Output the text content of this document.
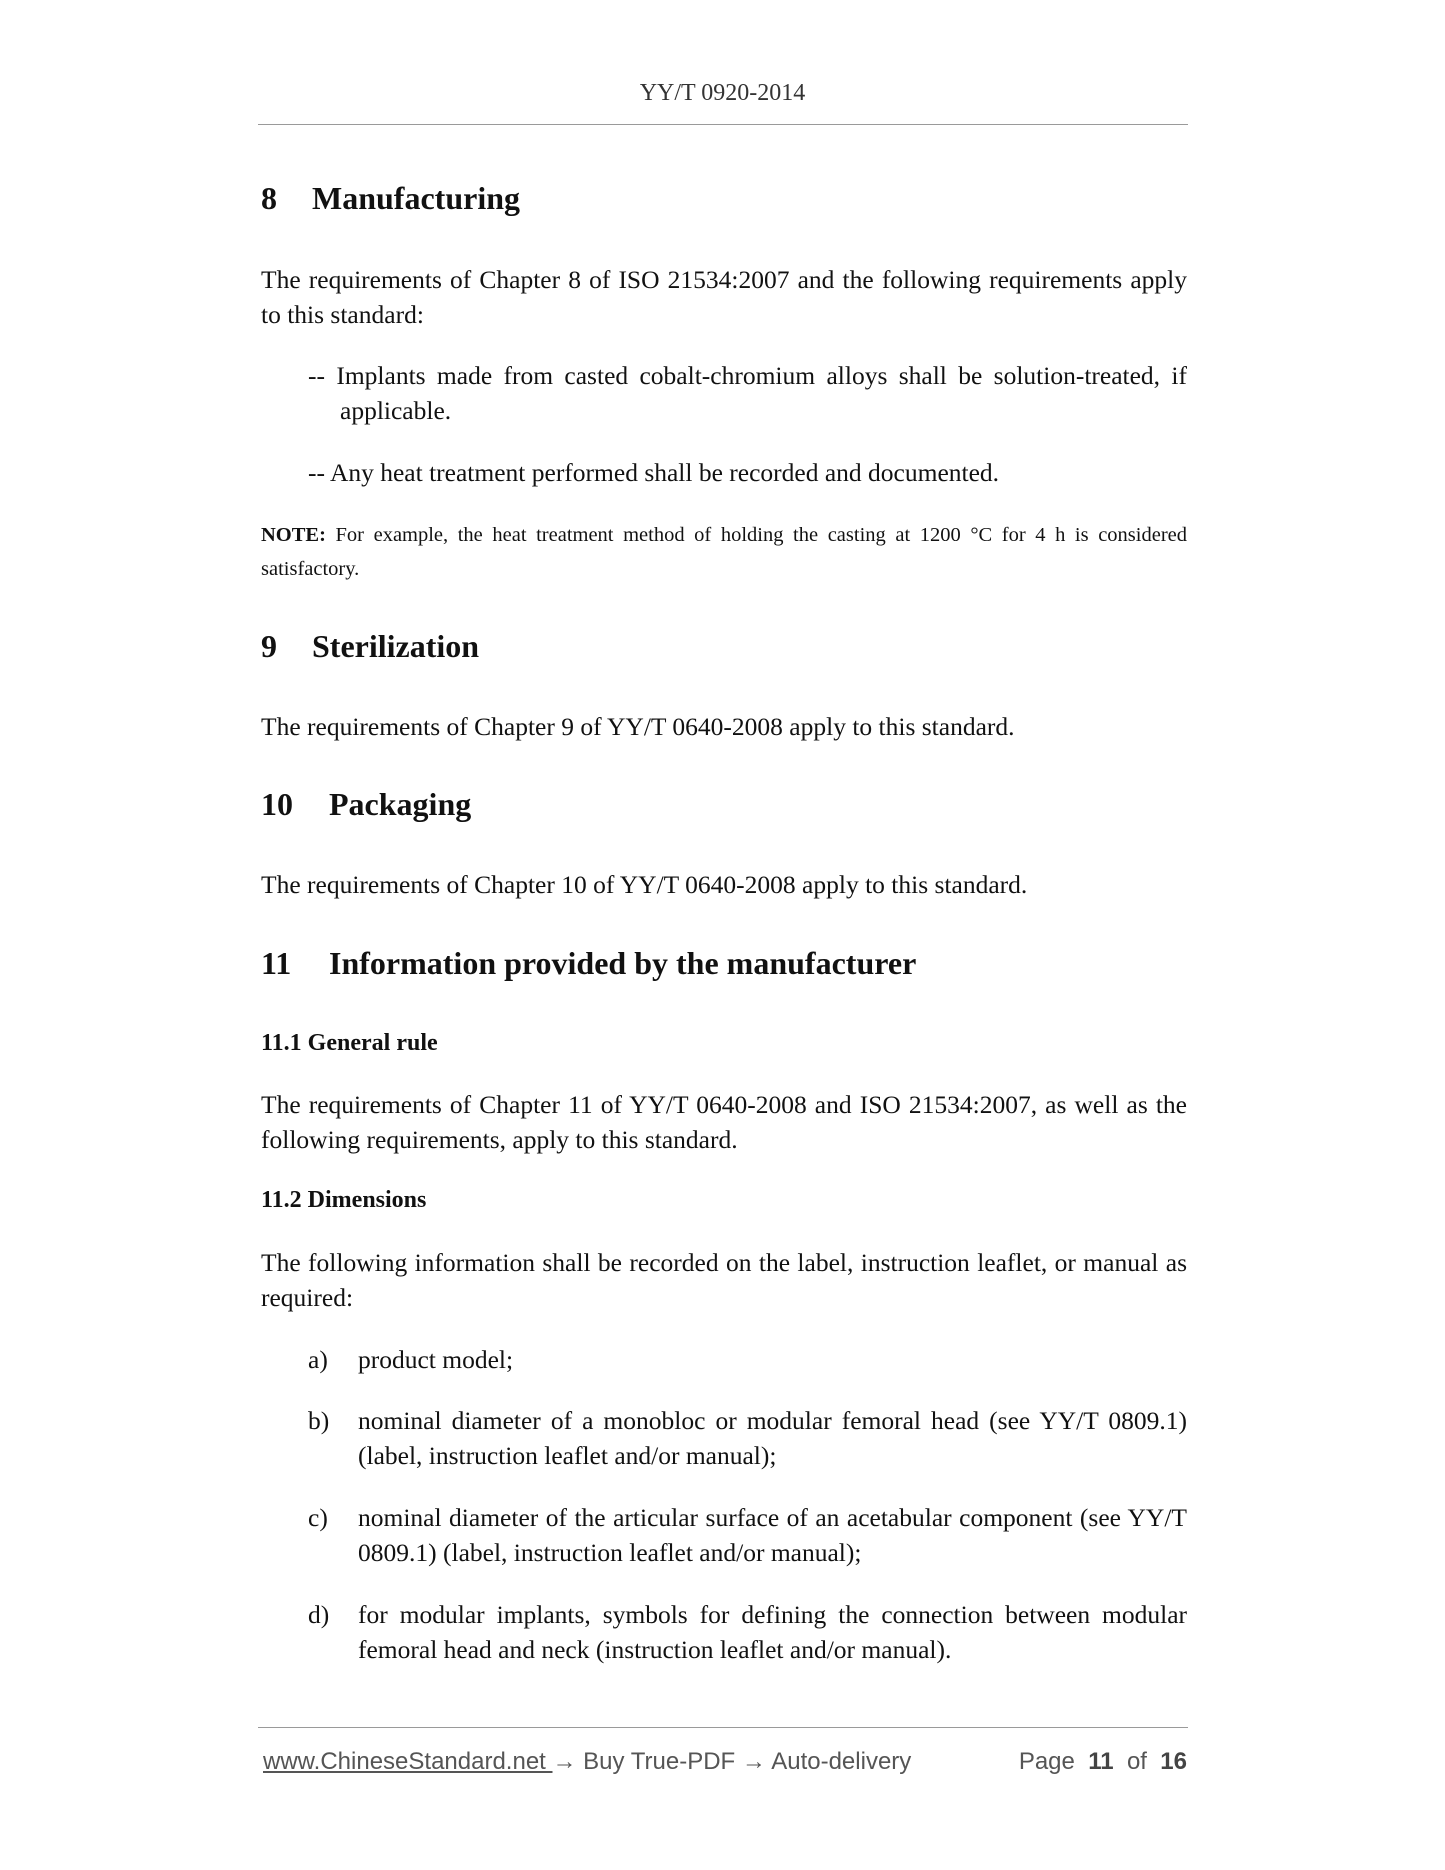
YY/T 0920-2014
8 Manufacturing
The requirements of Chapter 8 of ISO 21534:2007 and the following requirements apply to this standard:
-- Implants made from casted cobalt-chromium alloys shall be solution-treated, if applicable.
-- Any heat treatment performed shall be recorded and documented.
NOTE: For example, the heat treatment method of holding the casting at 1200 °C for 4 h is considered satisfactory.
9 Sterilization
The requirements of Chapter 9 of YY/T 0640-2008 apply to this standard.
10 Packaging
The requirements of Chapter 10 of YY/T 0640-2008 apply to this standard.
11 Information provided by the manufacturer
11.1 General rule
The requirements of Chapter 11 of YY/T 0640-2008 and ISO 21534:2007, as well as the following requirements, apply to this standard.
11.2 Dimensions
The following information shall be recorded on the label, instruction leaflet, or manual as required:
a) product model;
b) nominal diameter of a monobloc or modular femoral head (see YY/T 0809.1) (label, instruction leaflet and/or manual);
c) nominal diameter of the articular surface of an acetabular component (see YY/T 0809.1) (label, instruction leaflet and/or manual);
d) for modular implants, symbols for defining the connection between modular femoral head and neck (instruction leaflet and/or manual).
www.ChineseStandard.net → Buy True-PDF → Auto-delivery	Page 11 of 16
